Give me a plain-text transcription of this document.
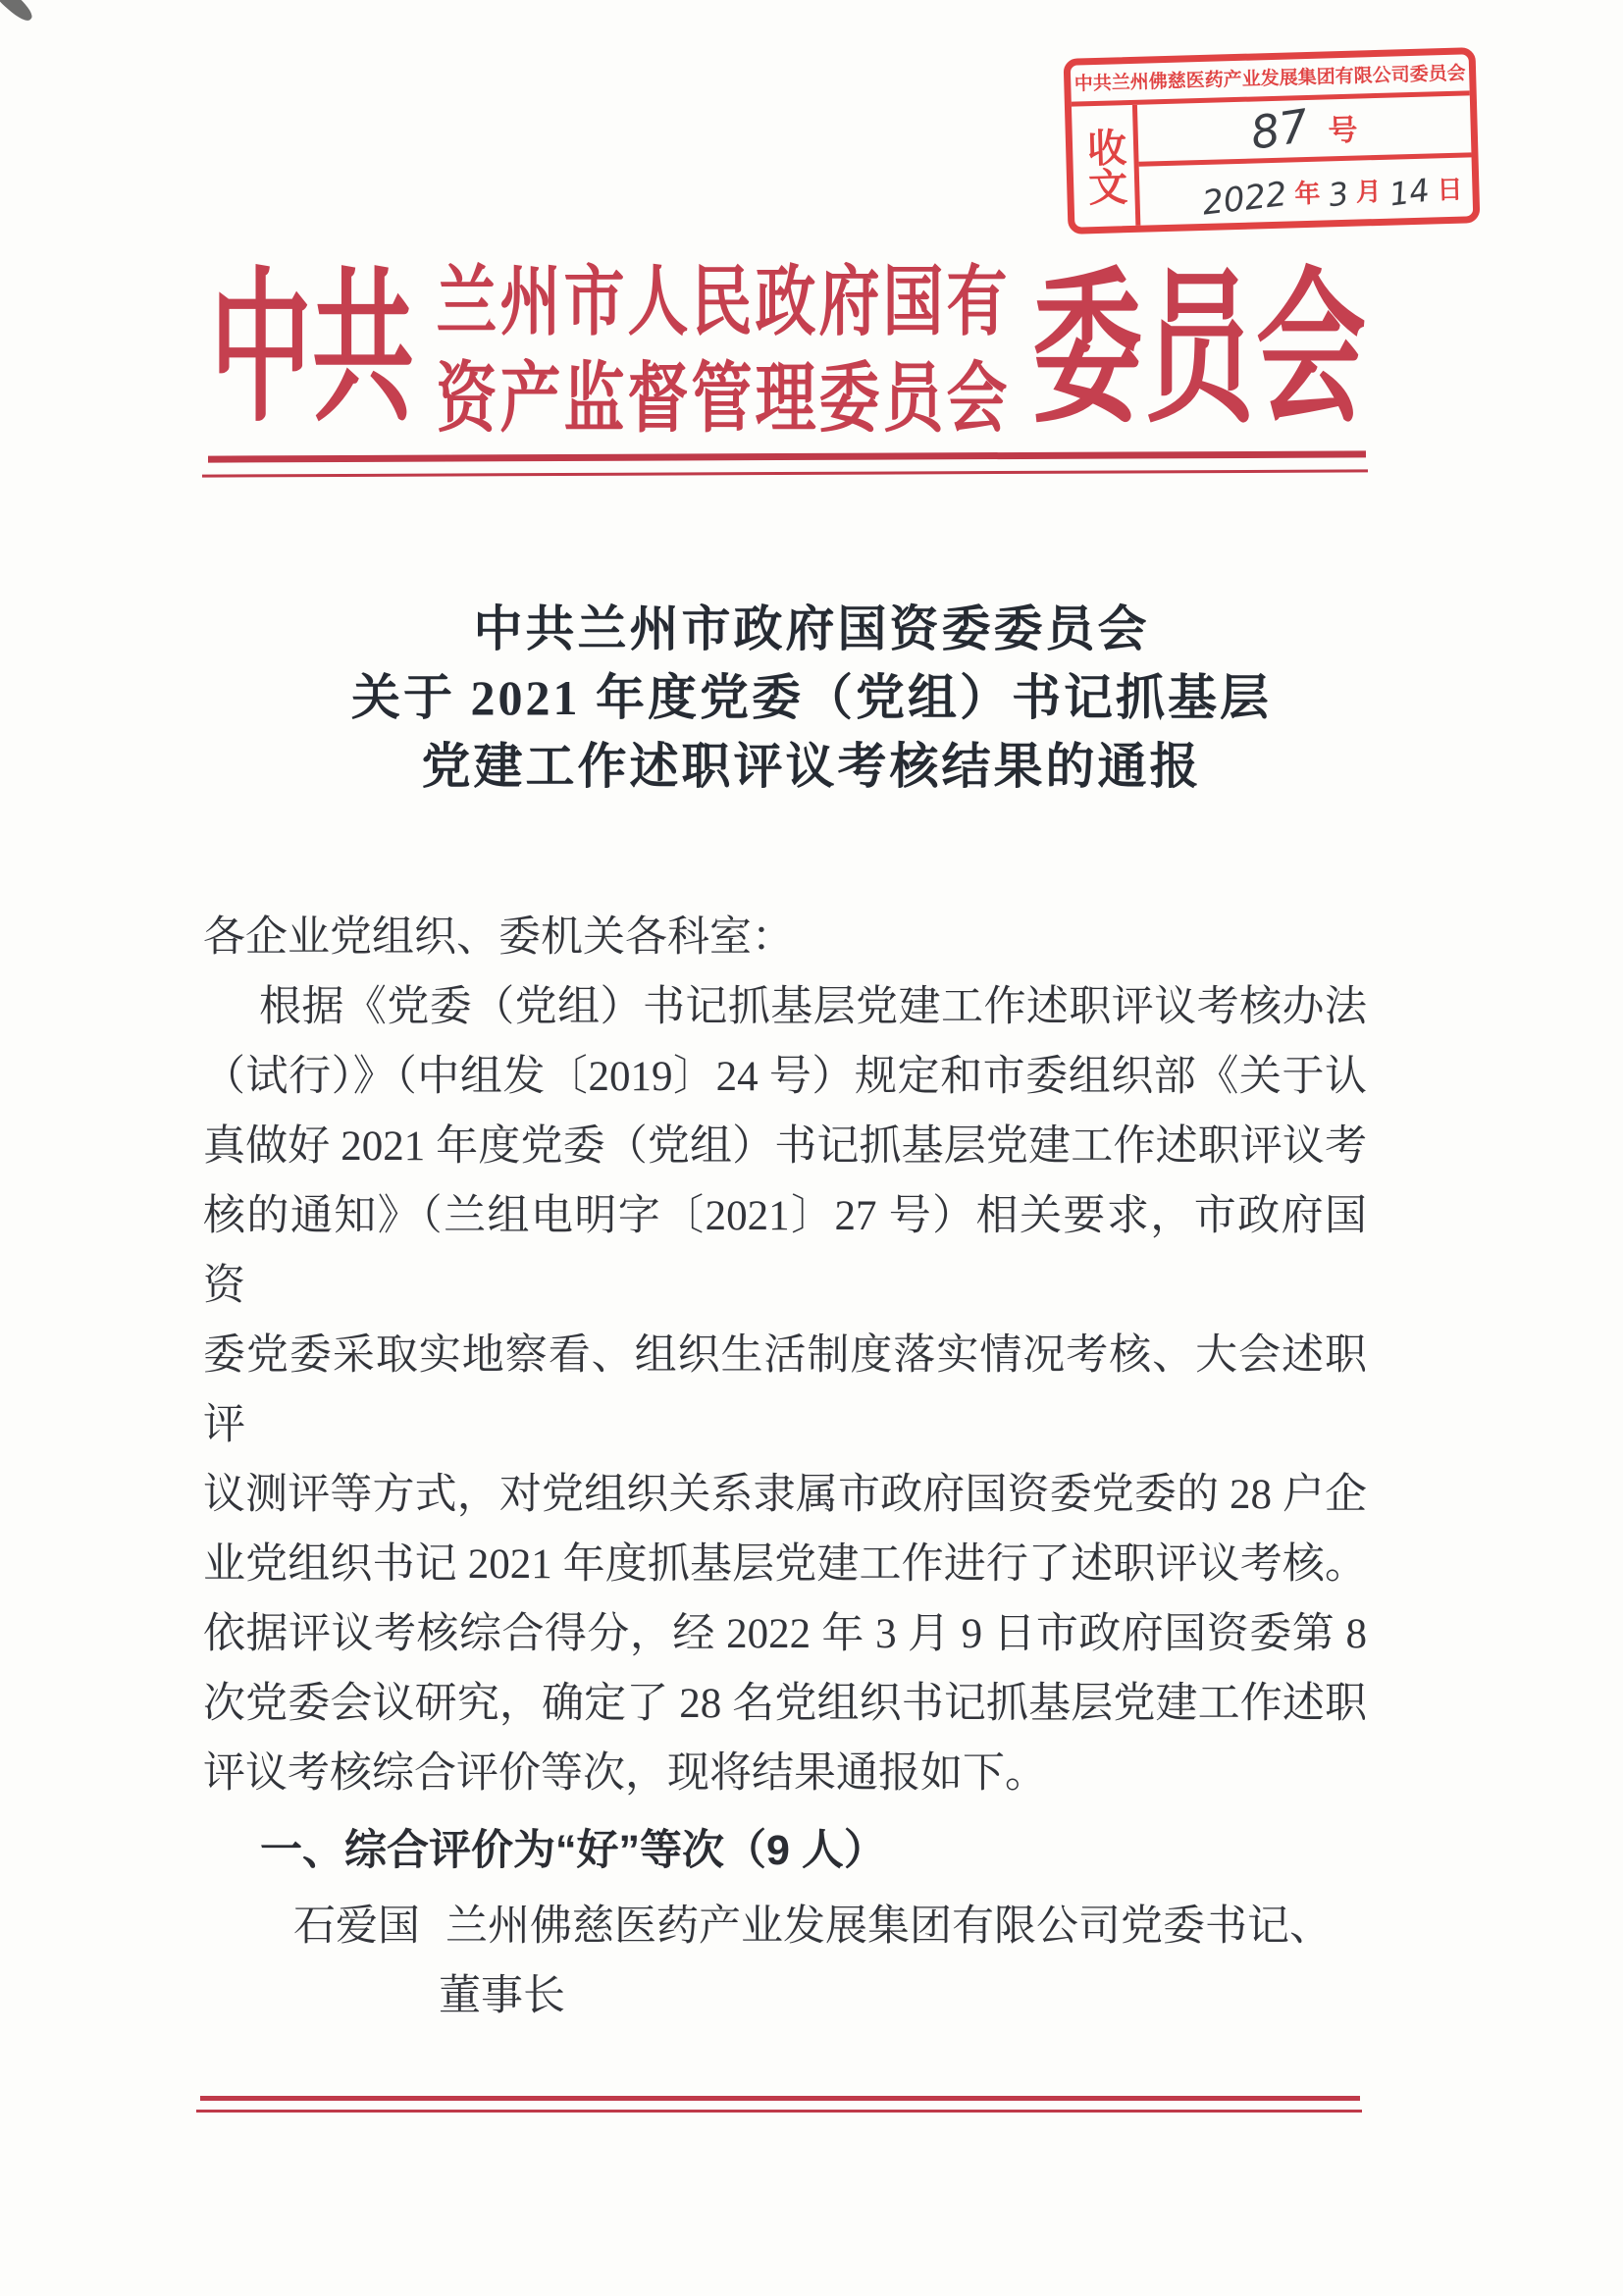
中共兰州佛慈医药产业发展集团有限公司委员会
收文	87 号
2022 年 3 月 14 日
中共 兰州市人民政府国有
资产监督管理委员会 委员会
中共兰州市政府国资委委员会
关于 2021 年度党委（党组）书记抓基层
党建工作述职评议考核结果的通报
各企业党组织、委机关各科室：
根据《党委（党组）书记抓基层党建工作述职评议考核办法
（试行）》（中组发〔2019〕24 号）规定和市委组织部《关于认
真做好 2021 年度党委（党组）书记抓基层党建工作述职评议考
核的通知》（兰组电明字〔2021〕27 号）相关要求，市政府国资
委党委采取实地察看、组织生活制度落实情况考核、大会述职评
议测评等方式，对党组织关系隶属市政府国资委党委的 28 户企
业党组织书记 2021 年度抓基层党建工作进行了述职评议考核。
依据评议考核综合得分，经 2022 年 3 月 9 日市政府国资委第 8
次党委会议研究，确定了 28 名党组织书记抓基层党建工作述职
评议考核综合评价等次，现将结果通报如下。
一、综合评价为“好”等次（9 人）
石爱国 兰州佛慈医药产业发展集团有限公司党委书记、
董事长
